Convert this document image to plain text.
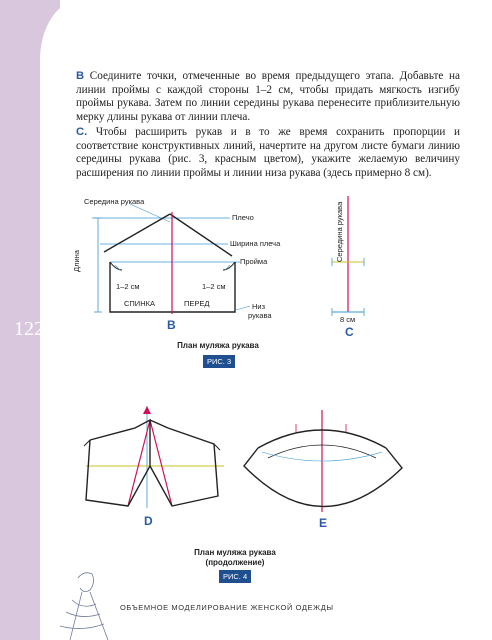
122

B Соедините точки, отмеченные во время предыдущего этапа. Добавьте на линии проймы с каждой стороны 1–2 см, чтобы придать мягкость изгибу проймы рукава. Затем по линии середины рукава перенесите приблизительную мерку длины рукава от линии плеча.

C. Чтобы расширить рукав и в то же время сохранить пропорции и соответствие конструктивных линий, начертите на другом листе бумаги линию середины рукава (рис. 3, красным цветом), укажите желаемую величину расширения по линии проймы и линии низа рукава (здесь примерно 8 см).

Середина рукава
Плечо
Ширина плеча
Пройма
Длина
1–2 см	1–2 см
СПИНКА	ПЕРЕД	Низ
рукава
B
Середина рукава
8 см
C
План муляжа рукава
РИС. 3
D	E
План муляжа рукава
(продолжение)
РИС. 4
ОБЪЕМНОЕ МОДЕЛИРОВАНИЕ ЖЕНСКОЙ ОДЕЖДЫ
